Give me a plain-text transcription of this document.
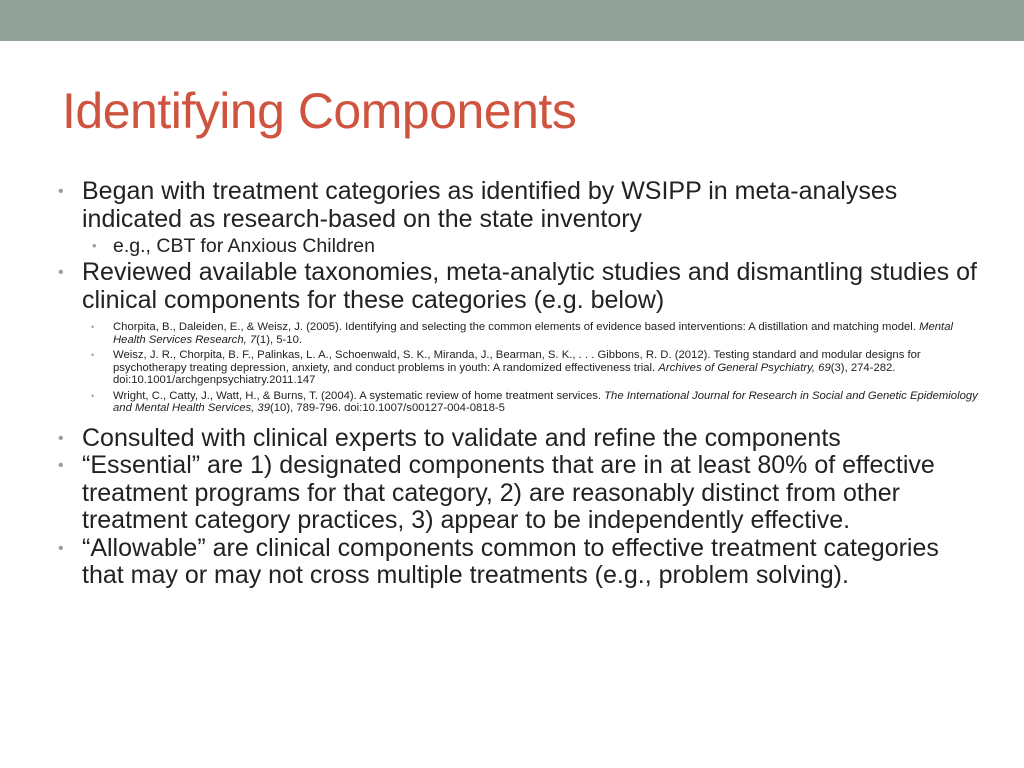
Identifying Components
• Began with treatment categories as identified by WSIPP in meta-analyses indicated as research-based on the state inventory
• e.g., CBT for Anxious Children
• Reviewed available taxonomies, meta-analytic studies and dismantling studies of clinical components for these categories (e.g. below)
• Chorpita, B., Daleiden, E., & Weisz, J. (2005). Identifying and selecting the common elements of evidence based interventions: A distillation and matching model. Mental Health Services Research, 7(1), 5-10.
• Weisz, J. R., Chorpita, B. F., Palinkas, L. A., Schoenwald, S. K., Miranda, J., Bearman, S. K., . . . Gibbons, R. D. (2012). Testing standard and modular designs for psychotherapy treating depression, anxiety, and conduct problems in youth: A randomized effectiveness trial. Archives of General Psychiatry, 69(3), 274-282. doi:10.1001/archgenpsychiatry.2011.147
• Wright, C., Catty, J., Watt, H., & Burns, T. (2004). A systematic review of home treatment services. The International Journal for Research in Social and Genetic Epidemiology and Mental Health Services, 39(10), 789-796. doi:10.1007/s00127-004-0818-5
• Consulted with clinical experts to validate and refine the components
• “Essential” are 1) designated components that are in at least 80% of effective treatment programs for that category, 2) are reasonably distinct from other treatment category practices, 3) appear to be independently effective.
• “Allowable” are clinical components common to effective treatment categories that may or may not cross multiple treatments (e.g., problem solving).
